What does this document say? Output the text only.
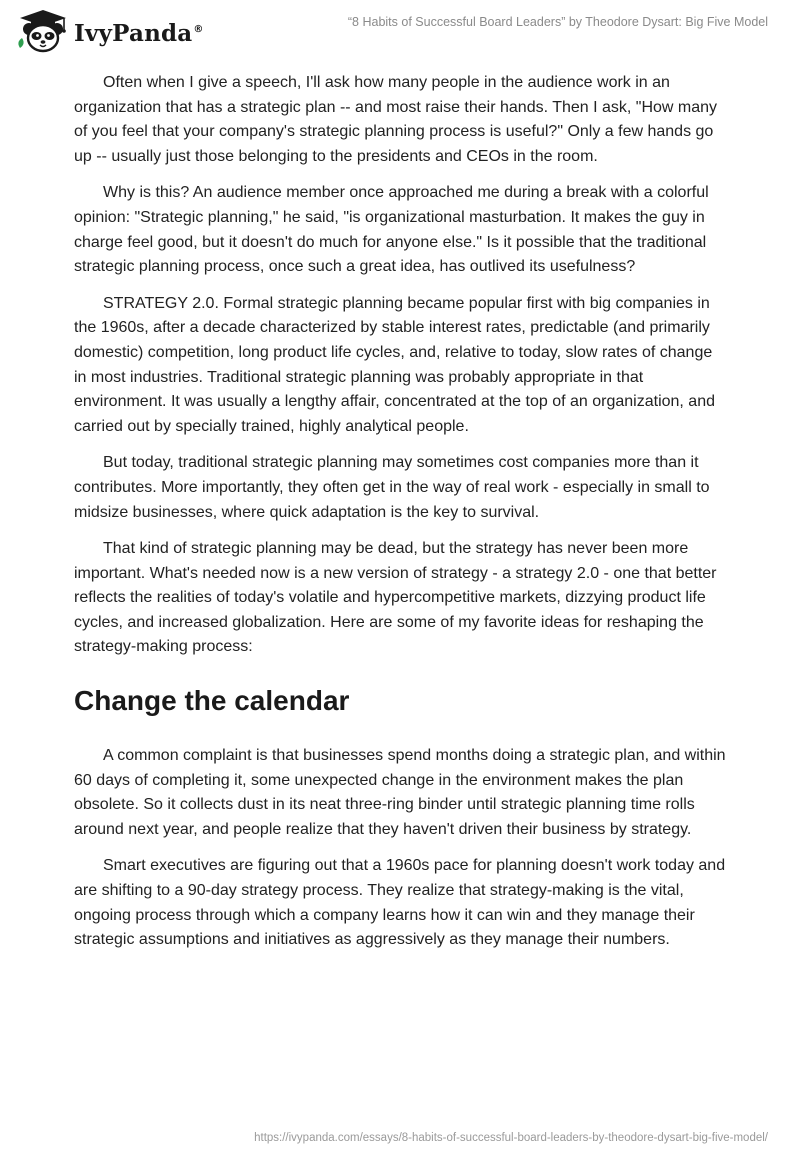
IvyPanda®
“8 Habits of Successful Board Leaders” by Theodore Dysart: Big Five Model

Often when I give a speech, I'll ask how many people in the audience work in an organization that has a strategic plan -- and most raise their hands. Then I ask, "How many of you feel that your company's strategic planning process is useful?" Only a few hands go up -- usually just those belonging to the presidents and CEOs in the room.

Why is this? An audience member once approached me during a break with a colorful opinion: "Strategic planning," he said, "is organizational masturbation. It makes the guy in charge feel good, but it doesn't do much for anyone else." Is it possible that the traditional strategic planning process, once such a great idea, has outlived its usefulness?

STRATEGY 2.0. Formal strategic planning became popular first with big companies in the 1960s, after a decade characterized by stable interest rates, predictable (and primarily domestic) competition, long product life cycles, and, relative to today, slow rates of change in most industries. Traditional strategic planning was probably appropriate in that environment. It was usually a lengthy affair, concentrated at the top of an organization, and carried out by specially trained, highly analytical people.

But today, traditional strategic planning may sometimes cost companies more than it contributes. More importantly, they often get in the way of real work - especially in small to midsize businesses, where quick adaptation is the key to survival.

That kind of strategic planning may be dead, but the strategy has never been more important. What's needed now is a new version of strategy - a strategy 2.0 - one that better reflects the realities of today's volatile and hypercompetitive markets, dizzying product life cycles, and increased globalization. Here are some of my favorite ideas for reshaping the strategy-making process:

Change the calendar

A common complaint is that businesses spend months doing a strategic plan, and within 60 days of completing it, some unexpected change in the environment makes the plan obsolete. So it collects dust in its neat three-ring binder until strategic planning time rolls around next year, and people realize that they haven't driven their business by strategy.

Smart executives are figuring out that a 1960s pace for planning doesn't work today and are shifting to a 90-day strategy process. They realize that strategy-making is the vital, ongoing process through which a company learns how it can win and they manage their strategic assumptions and initiatives as aggressively as they manage their numbers.

https://ivypanda.com/essays/8-habits-of-successful-board-leaders-by-theodore-dysart-big-five-model/
